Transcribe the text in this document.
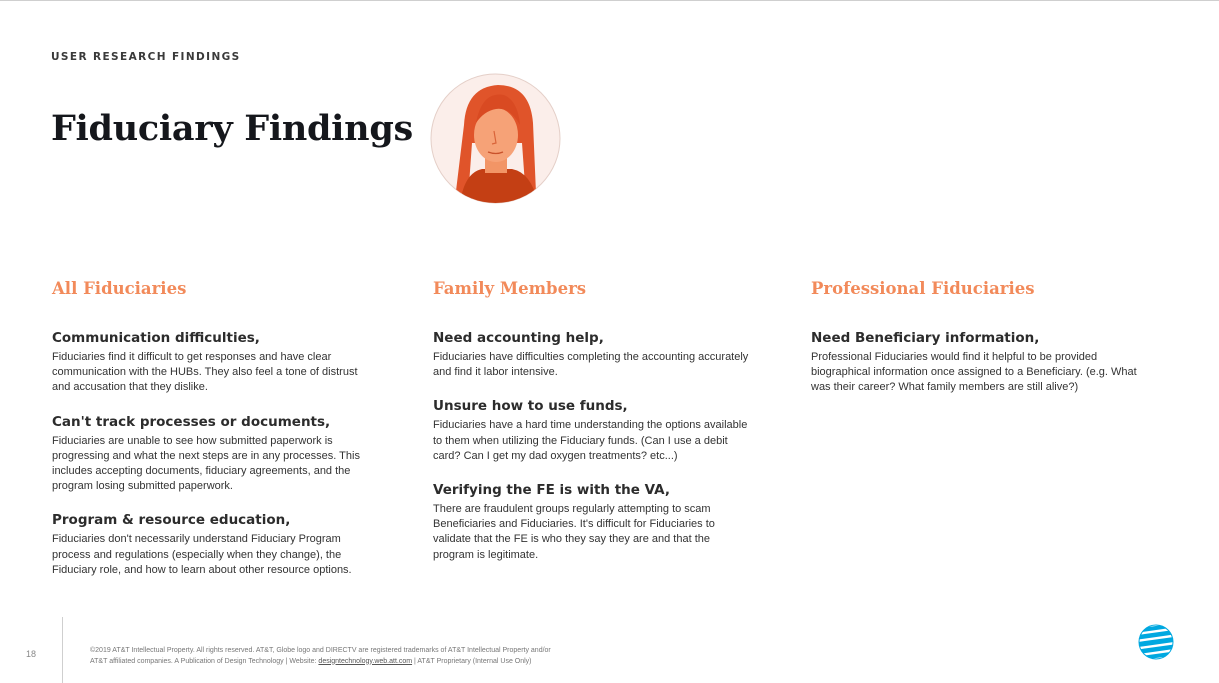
USER RESEARCH FINDINGS
Fiduciary Findings
All Fiduciaries

Communication difficulties,

Fiduciaries find it difficult to get responses and have clear communication with the HUBs. They also feel a tone of distrust and accusation that they dislike.

Can't track processes or documents,

Fiduciaries are unable to see how submitted paperwork is progressing and what the next steps are in any processes. This includes accepting documents, fiduciary agreements, and the program losing submitted paperwork.

Program & resource education,

Fiduciaries don't necessarily understand Fiduciary Program process and regulations (especially when they change), the Fiduciary role, and how to learn about other resource options.

Family Members

Need accounting help,

Fiduciaries have difficulties completing the accounting accurately and find it labor intensive.

Unsure how to use funds,

Fiduciaries have a hard time understanding the options available to them when utilizing the Fiduciary funds. (Can I use a debit card? Can I get my dad oxygen treatments? etc...)

Verifying the FE is with the VA,

There are fraudulent groups regularly attempting to scam Beneficiaries and Fiduciaries. It's difficult for Fiduciaries to validate that the FE is who they say they are and that the program is legitimate.

Professional Fiduciaries

Need Beneficiary information,

Professional Fiduciaries would find it helpful to be provided biographical information once assigned to a Beneficiary. (e.g. What was their career? What family members are still alive?)

18	©2019 AT&T Intellectual Property. All rights reserved. AT&T, Globe logo and DIRECTV are registered trademarks of AT&T Intellectual Property and/or
AT&T affiliated companies. A Publication of Design Technology | Website: designtechnology.web.att.com | AT&T Proprietary (Internal Use Only)
